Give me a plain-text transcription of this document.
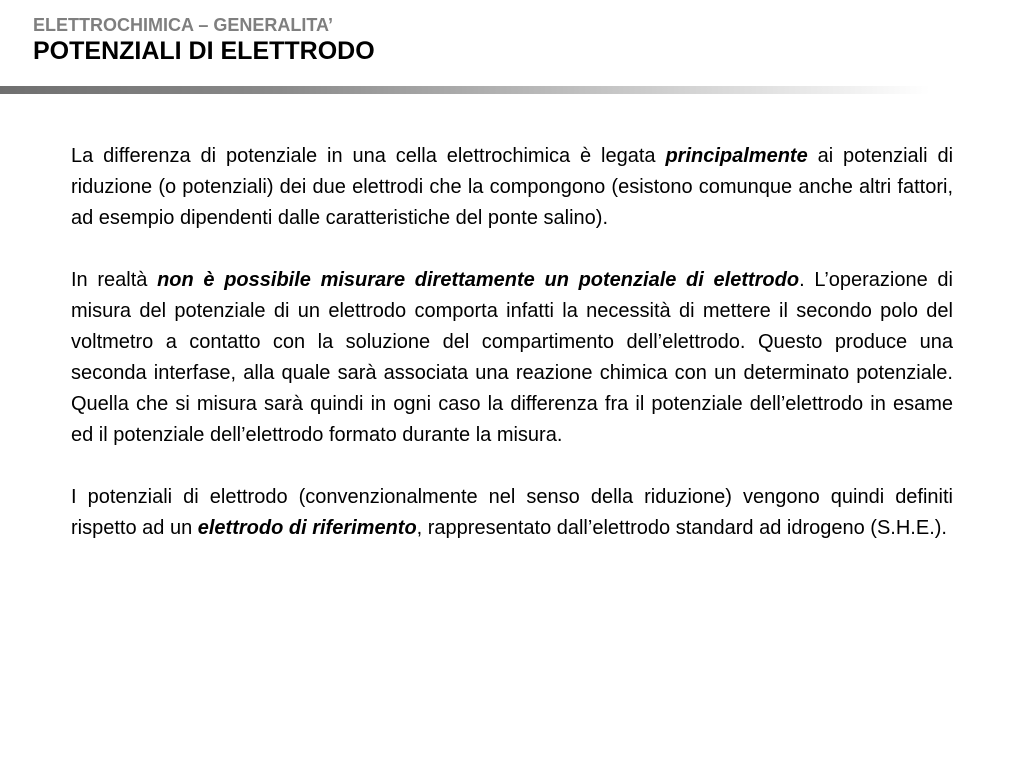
ELETTROCHIMICA – GENERALITA’
POTENZIALI DI ELETTRODO

La differenza di potenziale in una cella elettrochimica è legata principalmente ai potenziali di riduzione (o potenziali) dei due elettrodi che la compongono (esistono comunque anche altri fattori, ad esempio dipendenti dalle caratteristiche del ponte salino).

In realtà non è possibile misurare direttamente un potenziale di elettrodo. L’operazione di misura del potenziale di un elettrodo comporta infatti la necessità di mettere il secondo polo del voltmetro a contatto con la soluzione del compartimento dell’elettrodo. Questo produce una seconda interfase, alla quale sarà associata una reazione chimica con un determinato potenziale. Quella che si misura sarà quindi in ogni caso la differenza fra il potenziale dell’elettrodo in esame ed il potenziale dell’elettrodo formato durante la misura.

I potenziali di elettrodo (convenzionalmente nel senso della riduzione) vengono quindi definiti rispetto ad un elettrodo di riferimento, rappresentato dall’elettrodo standard ad idrogeno (S.H.E.).
